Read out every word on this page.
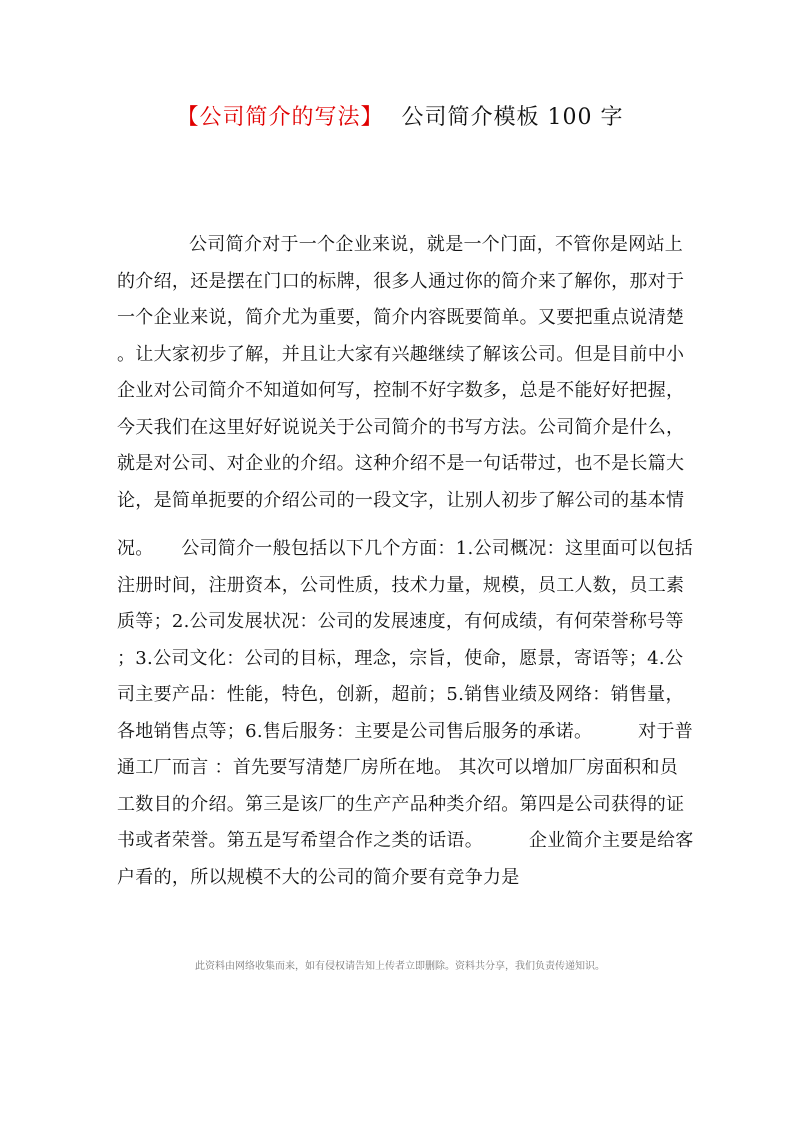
【公司简介的写法】 公司简介模板 100 字
公司简介对于一个企业来说，就是一个门面，不管你是网站上
的介绍，还是摆在门口的标牌，很多人通过你的简介来了解你，那对于
一个企业来说，简介尤为重要，简介内容既要简单。又要把重点说清楚
。让大家初步了解，并且让大家有兴趣继续了解该公司。但是目前中小
企业对公司简介不知道如何写，控制不好字数多，总是不能好好把握，
今天我们在这里好好说说关于公司简介的书写方法。公司简介是什么，
就是对公司、对企业的介绍。这种介绍不是一句话带过，也不是长篇大
论，是简单扼要的介绍公司的一段文字，让别人初步了解公司的基本情
况。　　公司简介一般包括以下几个方面：1.公司概况：这里面可以包括
注册时间，注册资本，公司性质，技术力量，规模，员工人数，员工素
质等；2.公司发展状况：公司的发展速度，有何成绩，有何荣誉称号等
；3.公司文化：公司的目标，理念，宗旨，使命，愿景，寄语等；4.公
司主要产品：性能，特色，创新，超前；5.销售业绩及网络：销售量，
各地销售点等；6.售后服务：主要是公司售后服务的承诺。　　　对于普
通工厂而言 ：首先要写清楚厂房所在地。 其次可以增加厂房面积和员
工数目的介绍。第三是该厂的生产产品种类介绍。第四是公司获得的证
书或者荣誉。第五是写希望合作之类的话语。　　　企业简介主要是给客
户看的，所以规模不大的公司的简介要有竞争力是
此资料由网络收集而来，如有侵权请告知上传者立即删除。资料共分享，我们负责传递知识。
